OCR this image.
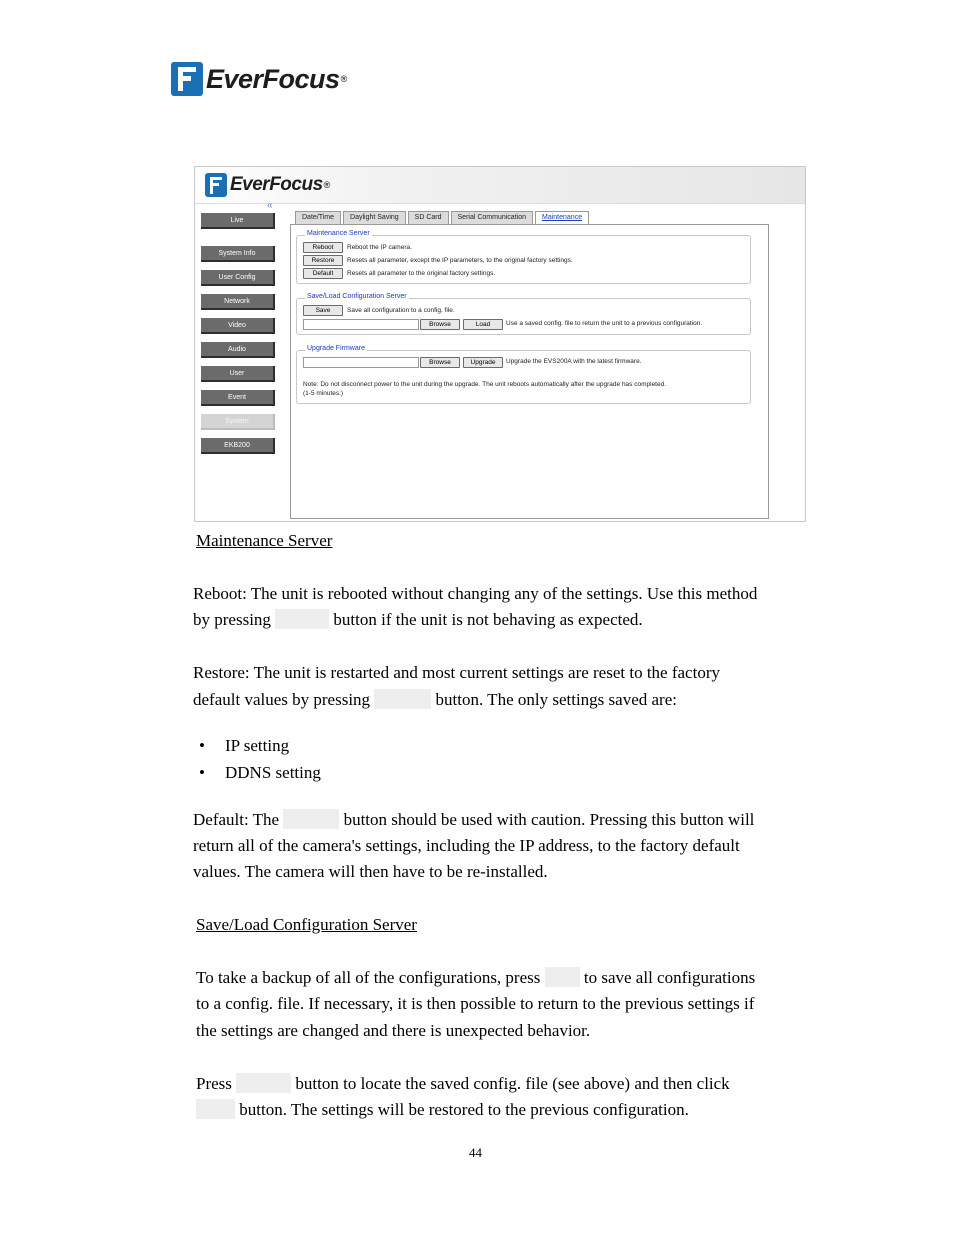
EverFocus ®
EverFocus ®
«
Live
System Info
User Config
Network
Video
Audio
User
Event
System
EKB200
Date/Time	Daylight Saving	SD Card	Serial Communication	Maintenance
Maintenance Server
Reboot	Reboot the IP camera.
Restore	Resets all parameter, except the IP parameters, to the original factory settings.
Default	Resets all parameter to the original factory settings.
Save/Load Configuration Server
Save	Save all configuration to a config. file.
Browse	Load	Use a saved config. file to return the unit to a previous configuration.
Upgrade Firmware
Browse	Upgrade	Upgrade the EVS200A with the latest firmware.
Note: Do not disconnect power to the unit during the upgrade. The unit reboots automatically after the upgrade has completed.
(1-5 minutes.)
Maintenance Server
Reboot: The unit is rebooted without changing any of the settings. Use this method
by pressing	button if the unit is not behaving as expected.
Restore: The unit is restarted and most current settings are reset to the factory
default values by pressing	button. The only settings saved are:
• IP setting
• DDNS setting
Default: The	button should be used with caution. Pressing this button will
return all of the camera's settings, including the IP address, to the factory default
values. The camera will then have to be re-installed.
Save/Load Configuration Server
To take a backup of all of the configurations, press	to save all configurations
to a config. file. If necessary, it is then possible to return to the previous settings if
the settings are changed and there is unexpected behavior.
Press	button to locate the saved config. file (see above) and then click
button. The settings will be restored to the previous configuration.
44
